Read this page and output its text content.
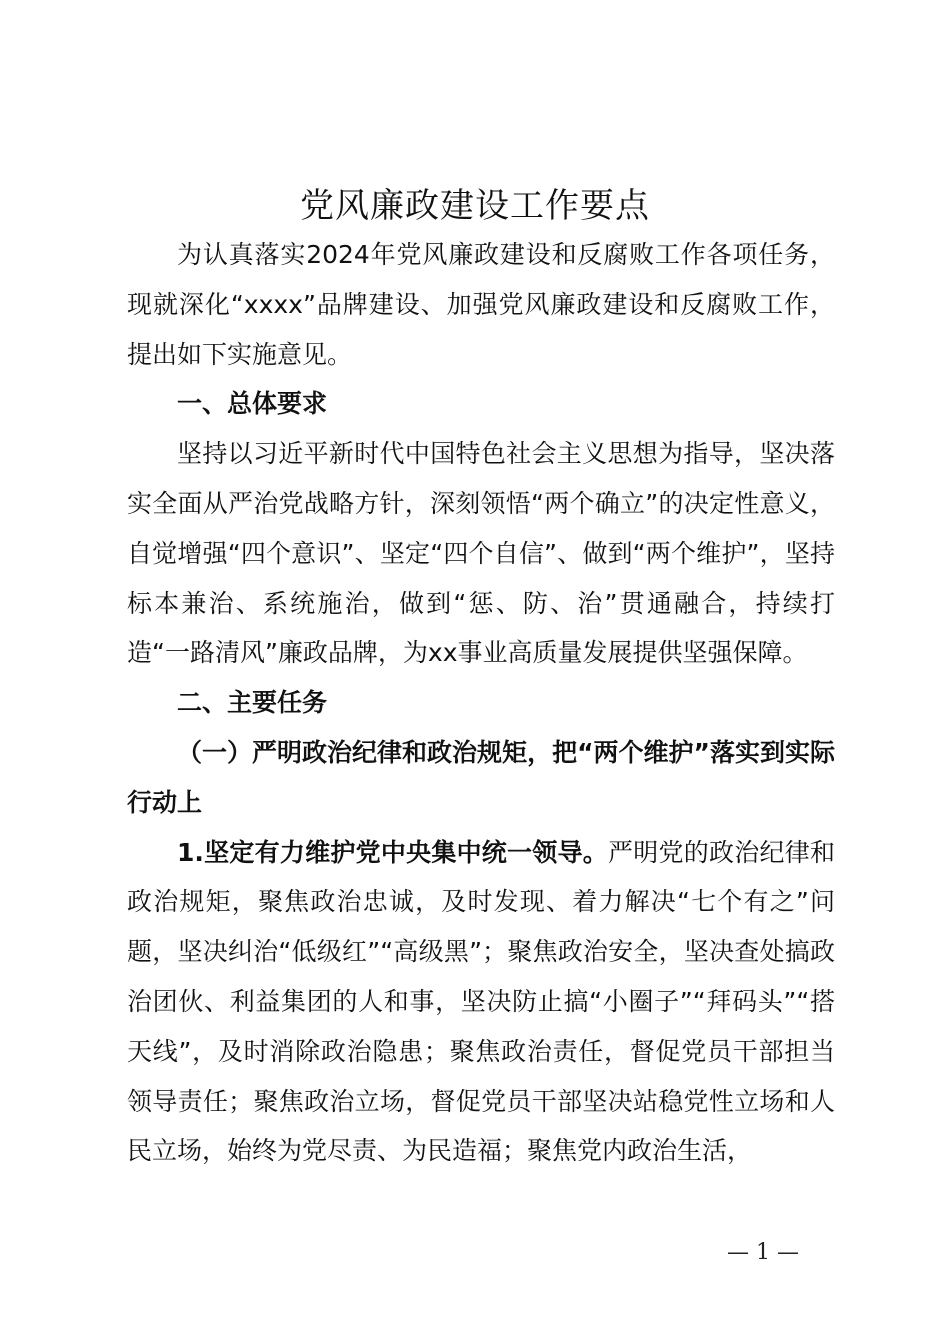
党风廉政建设工作要点

为认真落实2024年党风廉政建设和反腐败工作各项任务，现就深化“xxxx”品牌建设、加强党风廉政建设和反腐败工作，提出如下实施意见。

一、总体要求

坚持以习近平新时代中国特色社会主义思想为指导，坚决落实全面从严治党战略方针，深刻领悟“两个确立”的决定性意义，自觉增强“四个意识”、坚定“四个自信”、做到“两个维护”，坚持标本兼治、系统施治，做到“惩、防、治”贯通融合，持续打造“一路清风”廉政品牌，为xx事业高质量发展提供坚强保障。

二、主要任务

（一）严明政治纪律和政治规矩，把“两个维护”落实到实际行动上

1.坚定有力维护党中央集中统一领导。严明党的政治纪律和政治规矩，聚焦政治忠诚，及时发现、着力解决“七个有之”问题，坚决纠治“低级红”“高级黑”；聚焦政治安全，坚决查处搞政治团伙、利益集团的人和事，坚决防止搞“小圈子”“拜码头”“搭天线”，及时消除政治隐患；聚焦政治责任，督促党员干部担当领导责任；聚焦政治立场，督促党员干部坚决站稳党性立场和人民立场，始终为党尽责、为民造福；聚焦党内政治生活，

— 1 —
